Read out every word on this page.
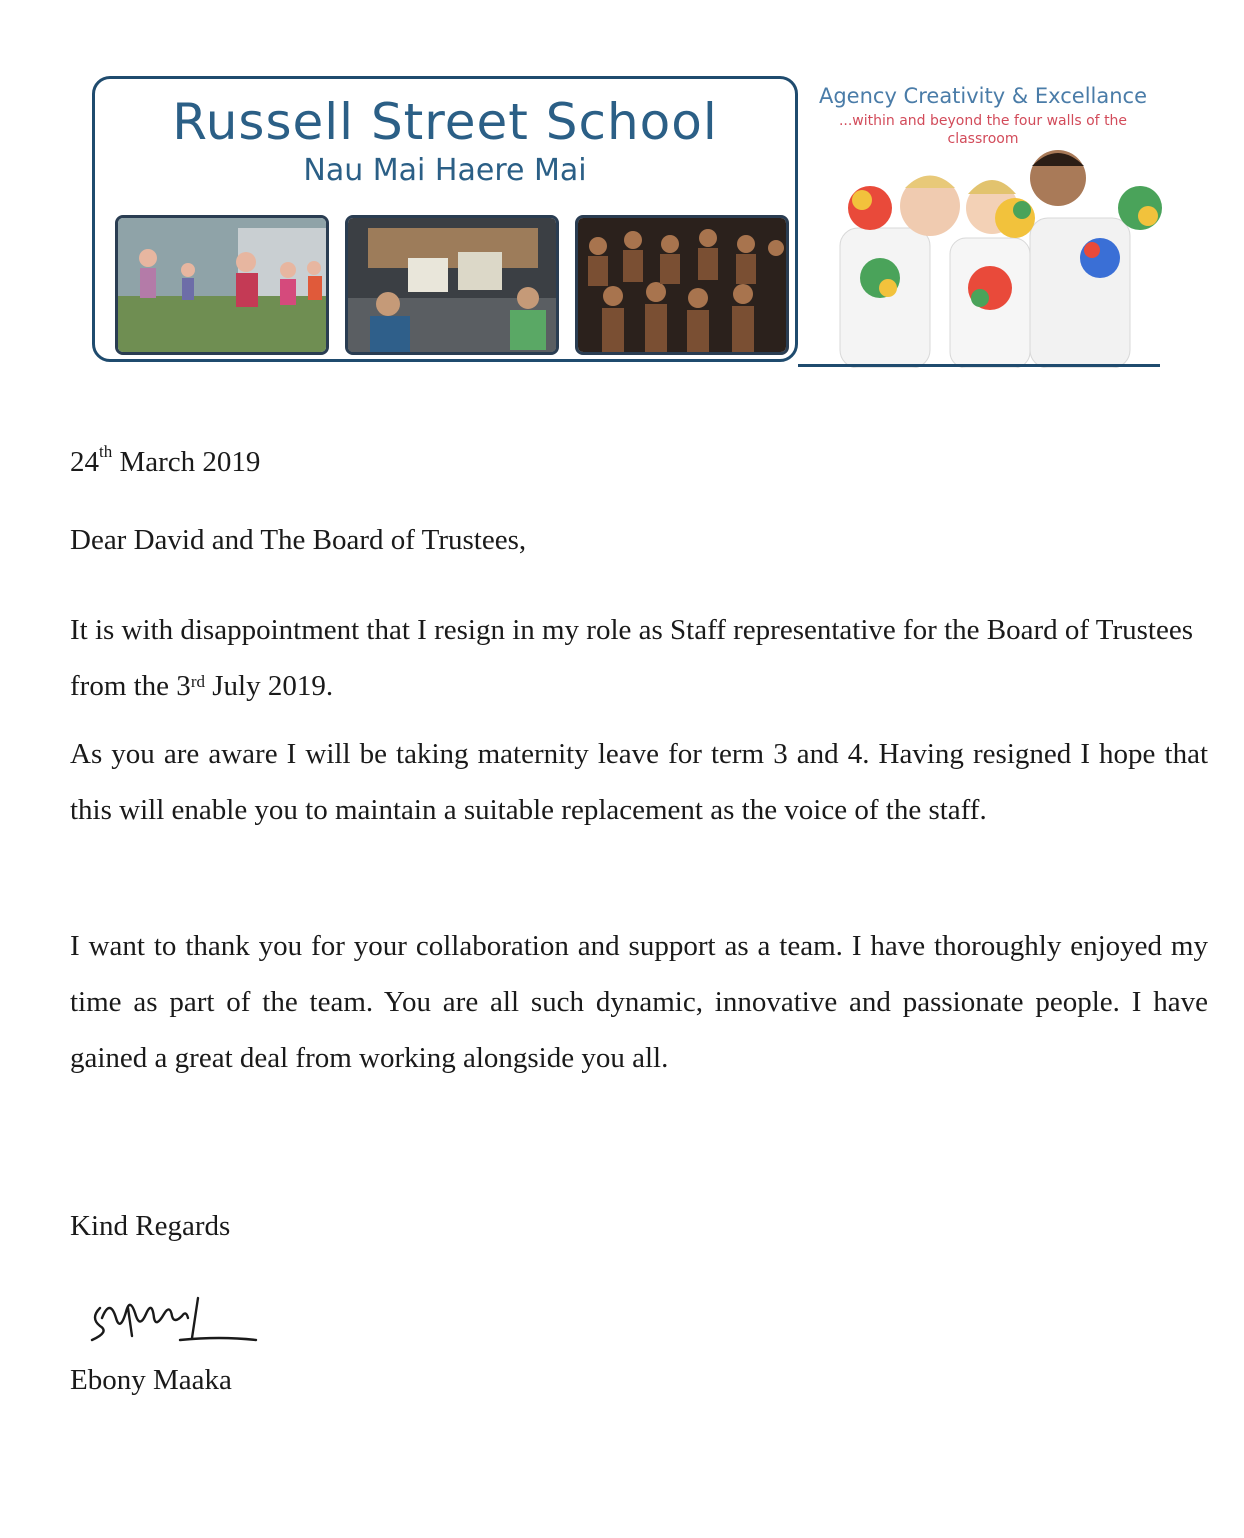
Russell Street School
Nau Mai Haere Mai
Agency Creativity & Excellance
...within and beyond the four walls of the classroom
24th March 2019
Dear David and The Board of Trustees,
It is with disappointment that I resign in my role as Staff representative for the Board of Trustees from the 3rd July 2019.
As you are aware I will be taking maternity leave for term 3 and 4. Having resigned I hope that this will enable you to maintain a suitable replacement as the voice of the staff.
I want to thank you for your collaboration and support as a team. I have thoroughly enjoyed my time as part of the team. You are all such dynamic, innovative and passionate people. I have gained a great deal from working alongside you all.
Kind Regards
Ebony Maaka
